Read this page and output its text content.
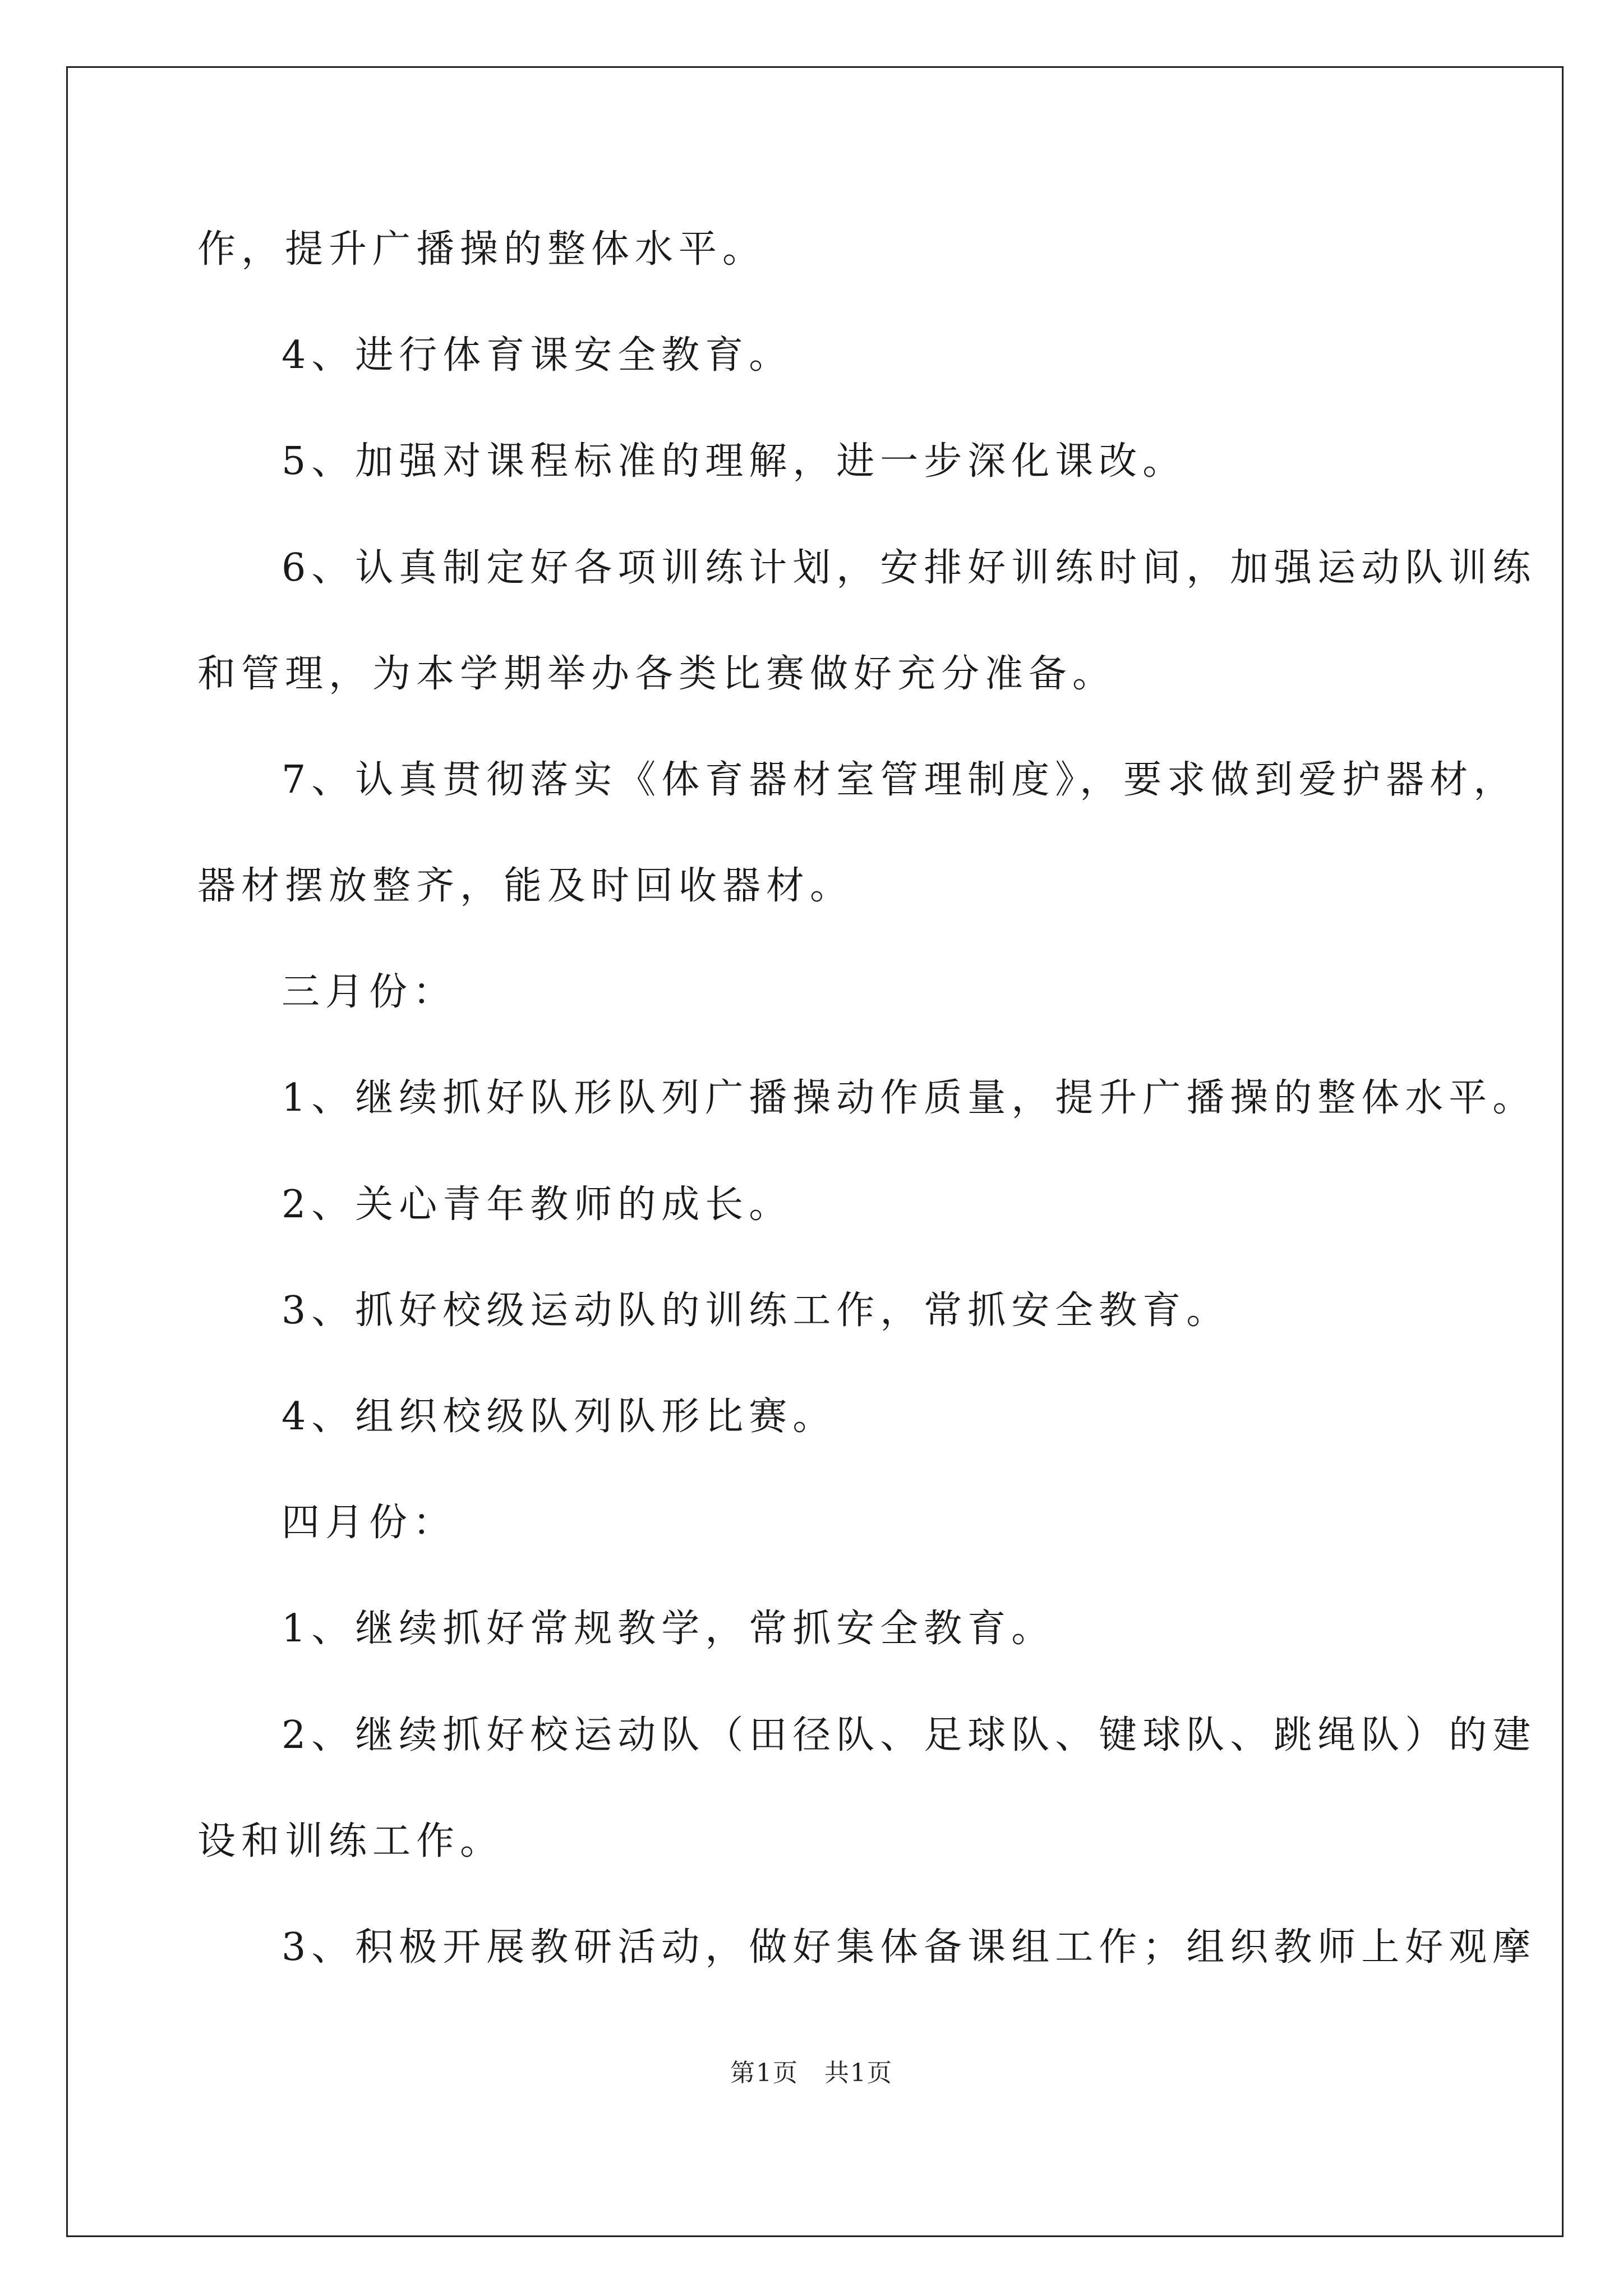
作，提升广播操的整体水平。
4、进行体育课安全教育。
5、加强对课程标准的理解，进一步深化课改。
6、认真制定好各项训练计划，安排好训练时间，加强运动队训练
和管理，为本学期举办各类比赛做好充分准备。
7、认真贯彻落实《体育器材室管理制度》，要求做到爱护器材，
器材摆放整齐，能及时回收器材。
三月份：
1、继续抓好队形队列广播操动作质量，提升广播操的整体水平。
2、关心青年教师的成长。
3、抓好校级运动队的训练工作，常抓安全教育。
4、组织校级队列队形比赛。
四月份：
1、继续抓好常规教学，常抓安全教育。
2、继续抓好校运动队（田径队、足球队、键球队、跳绳队）的建
设和训练工作。
3、积极开展教研活动，做好集体备课组工作；组织教师上好观摩
第1页　共1页
